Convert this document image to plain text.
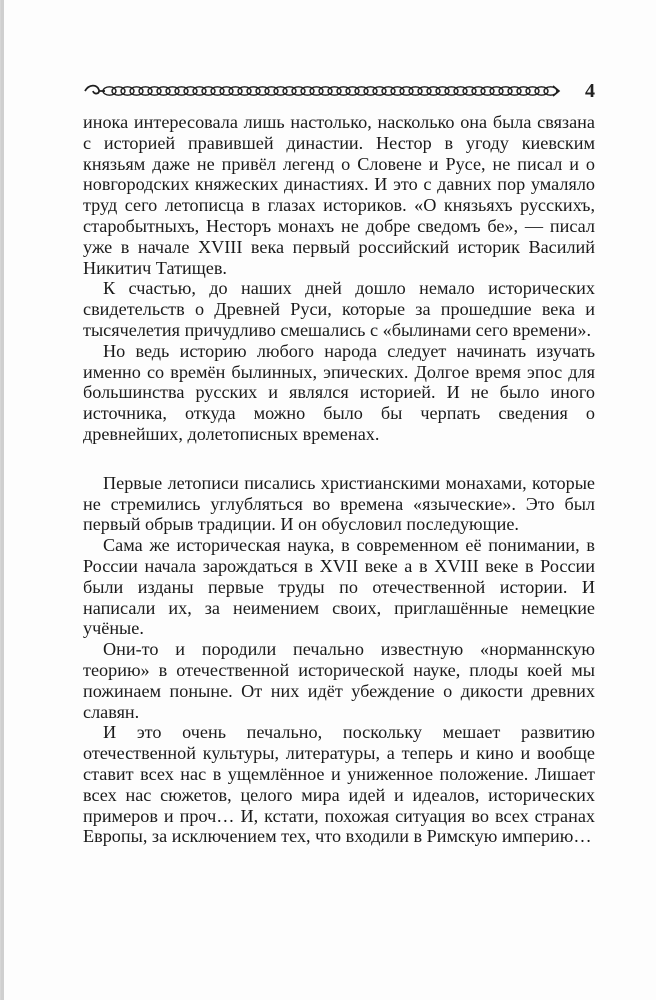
4

инока интересовала лишь настолько, насколько она была связана с историей правившей династии. Нестор в угоду киевским князьям даже не привёл легенд о Словене и Русе, не писал и о новгородских княжеских династиях. И это с давних пор умаляло труд сего летописца в глазах историков. «О князьяхъ русскихъ, старобытныхъ, Несторъ монахъ не добре сведомъ бе», — писал уже в начале XVIII века первый российский историк Василий Никитич Татищев.

К счастью, до наших дней дошло немало исторических свидетельств о Древней Руси, которые за прошедшие века и тысячелетия причудливо смешались с «былинами сего времени».

Но ведь историю любого народа следует начинать изучать именно со времён былинных, эпических. Долгое время эпос для большинства русских и являлся историей. И не было иного источника, откуда можно было бы черпать сведения о древнейших, долетописных временах.

Первые летописи писались христианскими монахами, которые не стремились углубляться во времена «языческие». Это был первый обрыв традиции. И он обусловил последующие.

Сама же историческая наука, в современном её понимании, в России начала зарождаться в XVII веке а в XVIII веке в России были изданы первые труды по отечественной истории. И написали их, за неимением своих, приглашённые немецкие учёные.

Они-то и породили печально известную «норманнскую теорию» в отечественной исторической науке, плоды коей мы пожинаем поныне. От них идёт убеждение о дикости древних славян.

И это очень печально, поскольку мешает развитию отечественной культуры, литературы, а теперь и кино и вообще ставит всех нас в ущемлённое и униженное положение. Лишает всех нас сюжетов, целого мира идей и идеалов, исторических примеров и проч… И, кстати, похожая ситуация во всех странах Европы, за исключением тех, что входили в Римскую империю…
